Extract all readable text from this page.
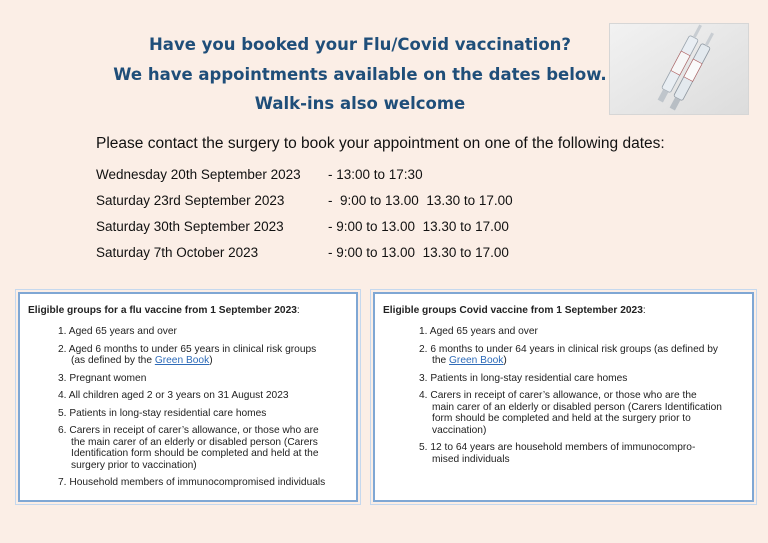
Have you booked your Flu/Covid vaccination?
We have appointments available on the dates below.
Walk-ins also welcome
Please contact the surgery to book your appointment on one of the following dates:
Wednesday 20th September 2023 - 13:00 to 17:30
Saturday 23rd September 2023	-  9:00 to 13.00  13.30 to 17.00
Saturday 30th September 2023	- 9:00 to 13.00  13.30 to 17.00
Saturday 7th October 2023	- 9:00 to 13.00  13.30 to 17.00
Eligible groups for a flu vaccine from 1 September 2023:
1. Aged 65 years and over
2. Aged 6 months to under 65 years in clinical risk groups
(as defined by the Green Book)
3. Pregnant women
4. All children aged 2 or 3 years on 31 August 2023
5. Patients in long-stay residential care homes
6. Carers in receipt of carer’s allowance, or those who are
the main carer of an elderly or disabled person (Carers Identification form should be completed and held at the surgery prior to vaccination)
7. Household members of immunocompromised individuals
Eligible groups Covid vaccine from 1 September 2023:
1. Aged 65 years and over
2. 6 months to under 64 years in clinical risk groups (as defined by
the Green Book)
3. Patients in long-stay residential care homes
4. Carers in receipt of carer’s allowance, or those who are the
main carer of an elderly or disabled person (Carers Identification form should be completed and held at the surgery prior to vaccination)
5. 12 to 64 years are household members of immunocompro-
mised individuals
